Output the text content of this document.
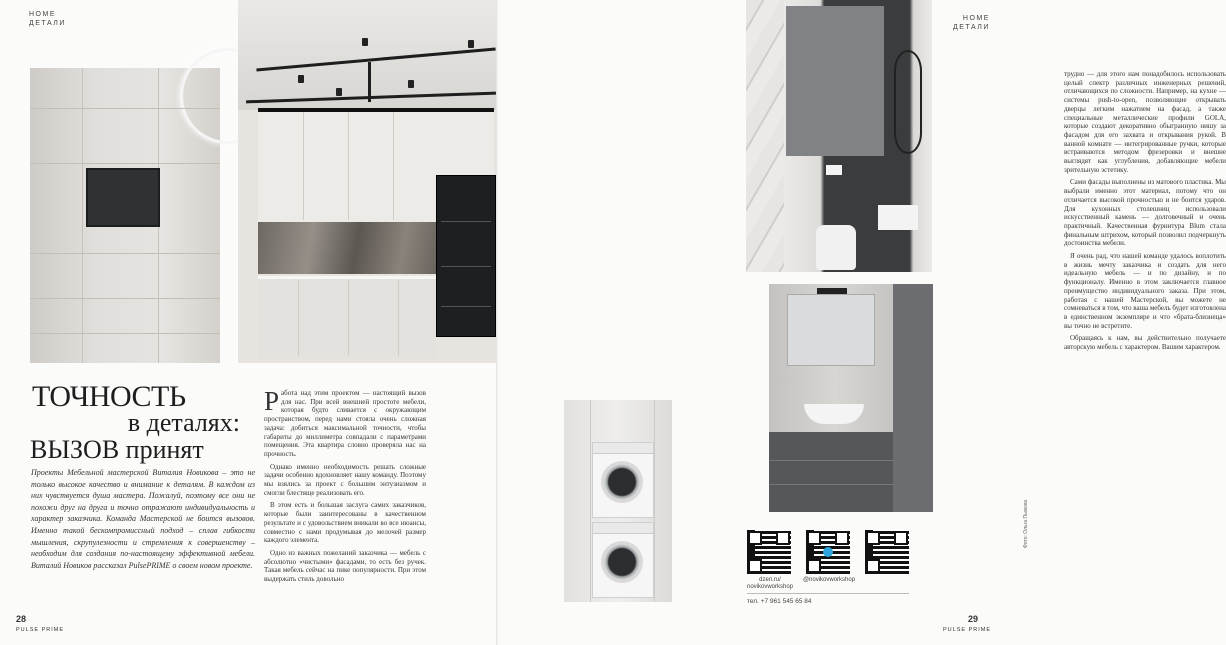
HOME
ДЕТАЛИ
ТОЧНОСТЬ
в деталях:
ВЫЗОВ принят
Проекты Мебельной мастерской Виталия Новикова – это не только высокое качество и внимание к деталям. В каждом из них чувствуется душа мастера. Пожалуй, поэтому все они не похожи друг на друга и точно отражают индивидуальность и характер заказчика. Команда Мастерской не боится вызовов. Именно такой бескомпромиссный подход – сплав гибкости мышления, скрупулезности и стремления к совершенству – необходим для создания по-настоящему эффективной мебели. Виталий Новиков рассказал PulsePRIME о своем новом проекте.

Работа над этим проектом — настоящий вызов для нас. При всей внешней простоте мебели, которая будто сливается с окружающим пространством, перед нами стояла очень сложная задача: добиться максимальной точности, чтобы габариты до миллиметра совпадали с параметрами помещения. Эта квартира словно проверяла нас на прочность.

Однако именно необходимость решать сложные задачи особенно вдохновляет нашу команду. Поэтому мы взялись за проект с большим энтузиазмом и смогли блестяще реализовать его.

В этом есть и большая заслуга самих заказчиков, которые были заинтересованы в качественном результате и с удовольствием вникали во все нюансы, совместно с нами продумывая до мелочей размер каждого элемента.

Одно из важных пожеланий заказчика — мебель с абсолютно «чистыми» фасадами, то есть без ручек. Такая мебель сейчас на пике популярности. При этом выдержать стиль довольно

28
PULSE PRIME
HOME
ДЕТАЛИ

трудно — для этого нам понадобилось использовать целый спектр различных инженерных решений, отличающихся по сложности. Например, на кухне — системы push-to-open, позволяющие открывать дверцы легким нажатием на фасад, а также специальные металлические профили GOLA, которые создают декоративно обыгранную нишу за фасадом для его захвата и открывания рукой. В ванной комнате — интегрированные ручки, которые встраиваются методом фрезеровки и внешне выглядят как углубления, добавляющие мебели зрительную эстетику.

Сами фасады выполнены из матового пластика. Мы выбрали именно этот материал, потому что он отличается высокой прочностью и не боится ударов. Для кухонных столешниц использовали искусственный камень — долговечный и очень практичный. Качественная фурнитура Blum стала финальным штрихом, который позволил подчеркнуть достоинства мебели.

Я очень рад, что нашей команде удалось воплотить в жизнь мечту заказчика и создать для него идеальную мебель — и по дизайну, и по функционалу. Именно в этом заключается главное преимущество индивидуального заказа. При этом, работая с нашей Мастерской, вы можете не сомневаться в том, что ваша мебель будет изготовлена в единственном экземпляре и что «брата-близнеца» вы точно не встретите.

Обращаясь к нам, вы действительно получаете авторскую мебель с характером. Вашим характером.

Фото: Ольга Пыжова
dzen.ru/ novikovworkshop
@novikovworkshop
тел. +7 961 545 65 84
29
PULSE PRIME
